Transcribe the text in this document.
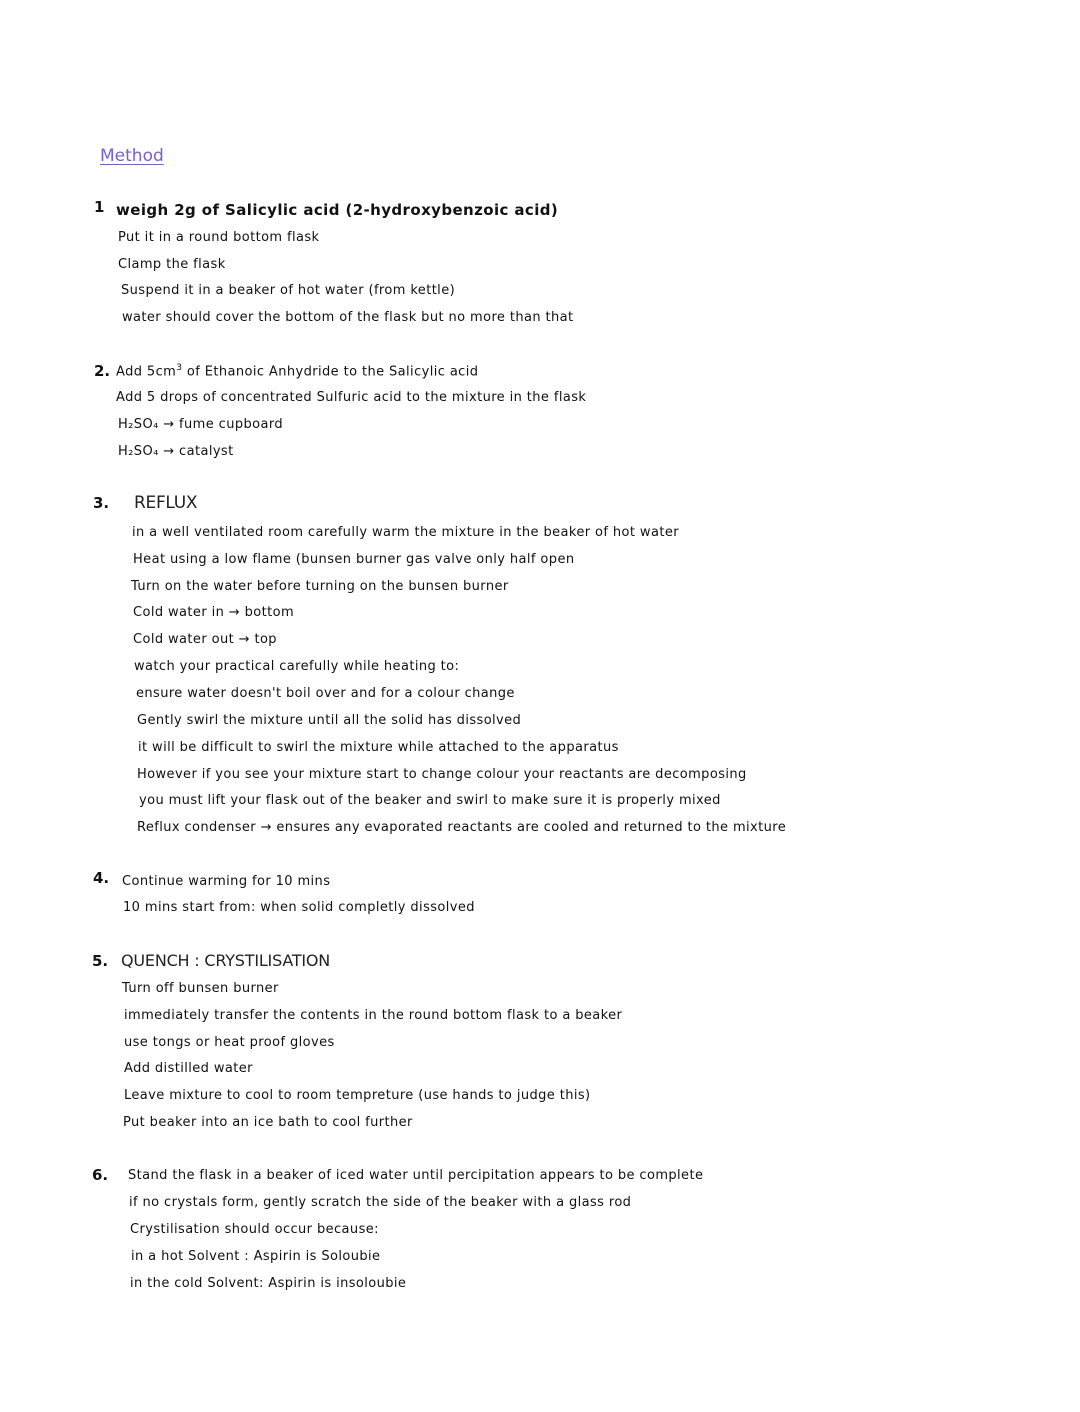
Method
1 weigh 2g of Salicylic acid (2-hydroxybenzoic acid)
Put it in a round bottom flask
Clamp the flask
Suspend it in a beaker of hot water (from kettle)
water should cover the bottom of the flask but no more than that
2. Add $5cm^3$ of Ethanoic Anhydride to the Salicylic acid
Add 5 drops of concentrated Sulfuric acid to the mixture in the flask
H₂SO₄ → fume cupboard
H₂SO₄ → catalyst
3. REFLUX
in a well ventilated room carefully warm the mixture in the beaker of hot water
Heat using a low flame (bunsen burner gas valve only half open
Turn on the water before turning on the bunsen burner
Cold water in → bottom
Cold water out → top
watch your practical carefully while heating to:
ensure water doesn't boil over and for a colour change
Gently swirl the mixture until all the solid has dissolved
it will be difficult to swirl the mixture while attached to the apparatus
However if you see your mixture start to change colour your reactants are decomposing
you must lift your flask out of the beaker and swirl to make sure it is properly mixed
Reflux condenser → ensures any evaporated reactants are cooled and returned to the mixture
4. Continue warming for 10 mins
10 mins start from: when solid completly dissolved
5. QUENCH : CRYSTILISATION
Turn off bunsen burner
immediately transfer the contents in the round bottom flask to a beaker
use tongs or heat proof gloves
Add distilled water
Leave mixture to cool to room tempreture (use hands to judge this)
Put beaker into an ice bath to cool further
6. Stand the flask in a beaker of iced water until percipitation appears to be complete
if no crystals form, gently scratch the side of the beaker with a glass rod
Crystilisation should occur because:
in a hot Solvent : Aspirin is Soloubie
in the cold Solvent: Aspirin is insoloubie
